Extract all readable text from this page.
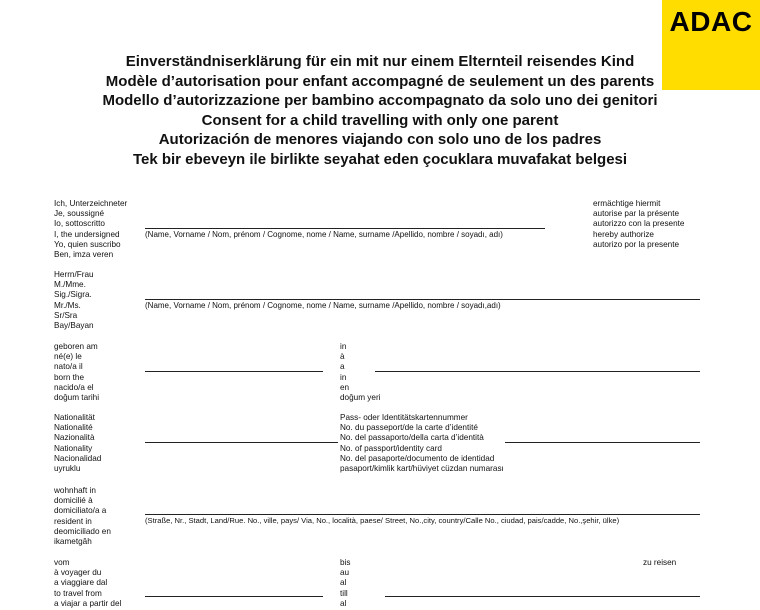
ADAC
Einverständniserklärung für ein mit nur einem Elternteil reisendes Kind
Modèle d’autorisation pour enfant accompagné de seulement un des parents
Modello d’autorizzazione per bambino accompagnato da solo uno dei genitori
Consent for a child travelling with only one parent
Autorización de menores viajando con solo uno de los padres
Tek bir ebeveyn ile birlikte seyahat eden çocuklara muvafakat belgesi
Ich, Unterzeichneter
Je, soussigné
Io, sottoscritto
I, the undersigned
Yo, quien suscribo
Ben, imza veren
(Name, Vorname / Nom, prénom / Cognome, nome / Name, surname /Apellido, nombre / soyadı, adı)
ermächtige hiermit
autorise par la présente
autorizzo con la presente
hereby authorize
autorizo por la presente
Herrn/Frau
M./Mme.
Sig./Sigra.
Mr./Ms.
Sr/Sra
Bay/Bayan
(Name, Vorname / Nom, prénom / Cognome, nome / Name, surname /Apellido, nombre / soyadı,adı)
geboren am
né(e) le
nato/a il
born the
nacido/a el
doğum tarihi
in
à
a
in
en
doğum yeri
Nationalität
Nationalité
Nazionalità
Nationality
Nacionalidad
uyruklu
Pass- oder Identitätskartennummer
No. du passeport/de la carte d’identité
No. del passaporto/della carta d’identità
No. of passport/identity card
No. del pasaporte/documento de identidad
pasaport/kimlik kart/hüviyet cüzdan numarası
wohnhaft in
domicilié à
domiciliato/a a
resident in
deomiciliado en
ikametgâh
(Straße, Nr., Stadt, Land/Rue. No., ville, pays/ Via, No., località, paese/ Street, No.,city, country/Calle No., ciudad, pais/cadde, No.,şehir, ülke)
vom
à voyager du
a viaggiare dal
to travel from
a viajar a partir del
bis
au
al
till
al
zu reisen
